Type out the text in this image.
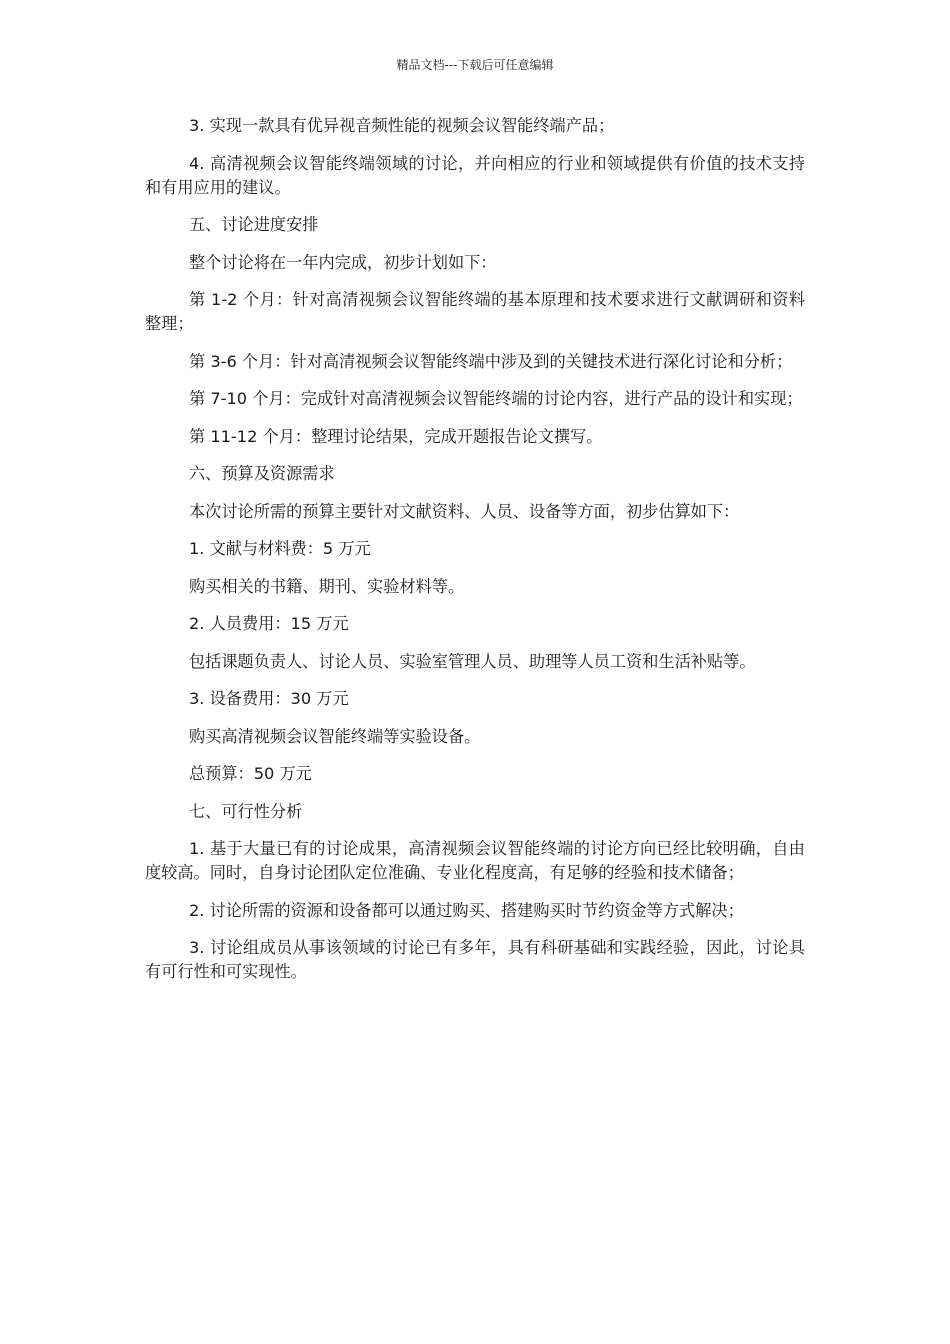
精品文档---下载后可任意编辑

3. 实现一款具有优异视音频性能的视频会议智能终端产品；

4. 高清视频会议智能终端领域的讨论，并向相应的行业和领域提供有价值的技术支持和有用应用的建议。

五、讨论进度安排

整个讨论将在一年内完成，初步计划如下：

第 1-2 个月：针对高清视频会议智能终端的基本原理和技术要求进行文献调研和资料整理；

第 3-6 个月：针对高清视频会议智能终端中涉及到的关键技术进行深化讨论和分析；

第 7-10 个月：完成针对高清视频会议智能终端的讨论内容，进行产品的设计和实现；

第 11-12 个月：整理讨论结果，完成开题报告论文撰写。

六、预算及资源需求

本次讨论所需的预算主要针对文献资料、人员、设备等方面，初步估算如下：

1. 文献与材料费：5 万元

购买相关的书籍、期刊、实验材料等。

2. 人员费用：15 万元

包括课题负责人、讨论人员、实验室管理人员、助理等人员工资和生活补贴等。

3. 设备费用：30 万元

购买高清视频会议智能终端等实验设备。

总预算：50 万元

七、可行性分析

1. 基于大量已有的讨论成果，高清视频会议智能终端的讨论方向已经比较明确，自由度较高。同时，自身讨论团队定位准确、专业化程度高，有足够的经验和技术储备；

2. 讨论所需的资源和设备都可以通过购买、搭建购买时节约资金等方式解决；

3. 讨论组成员从事该领域的讨论已有多年，具有科研基础和实践经验，因此，讨论具有可行性和可实现性。
